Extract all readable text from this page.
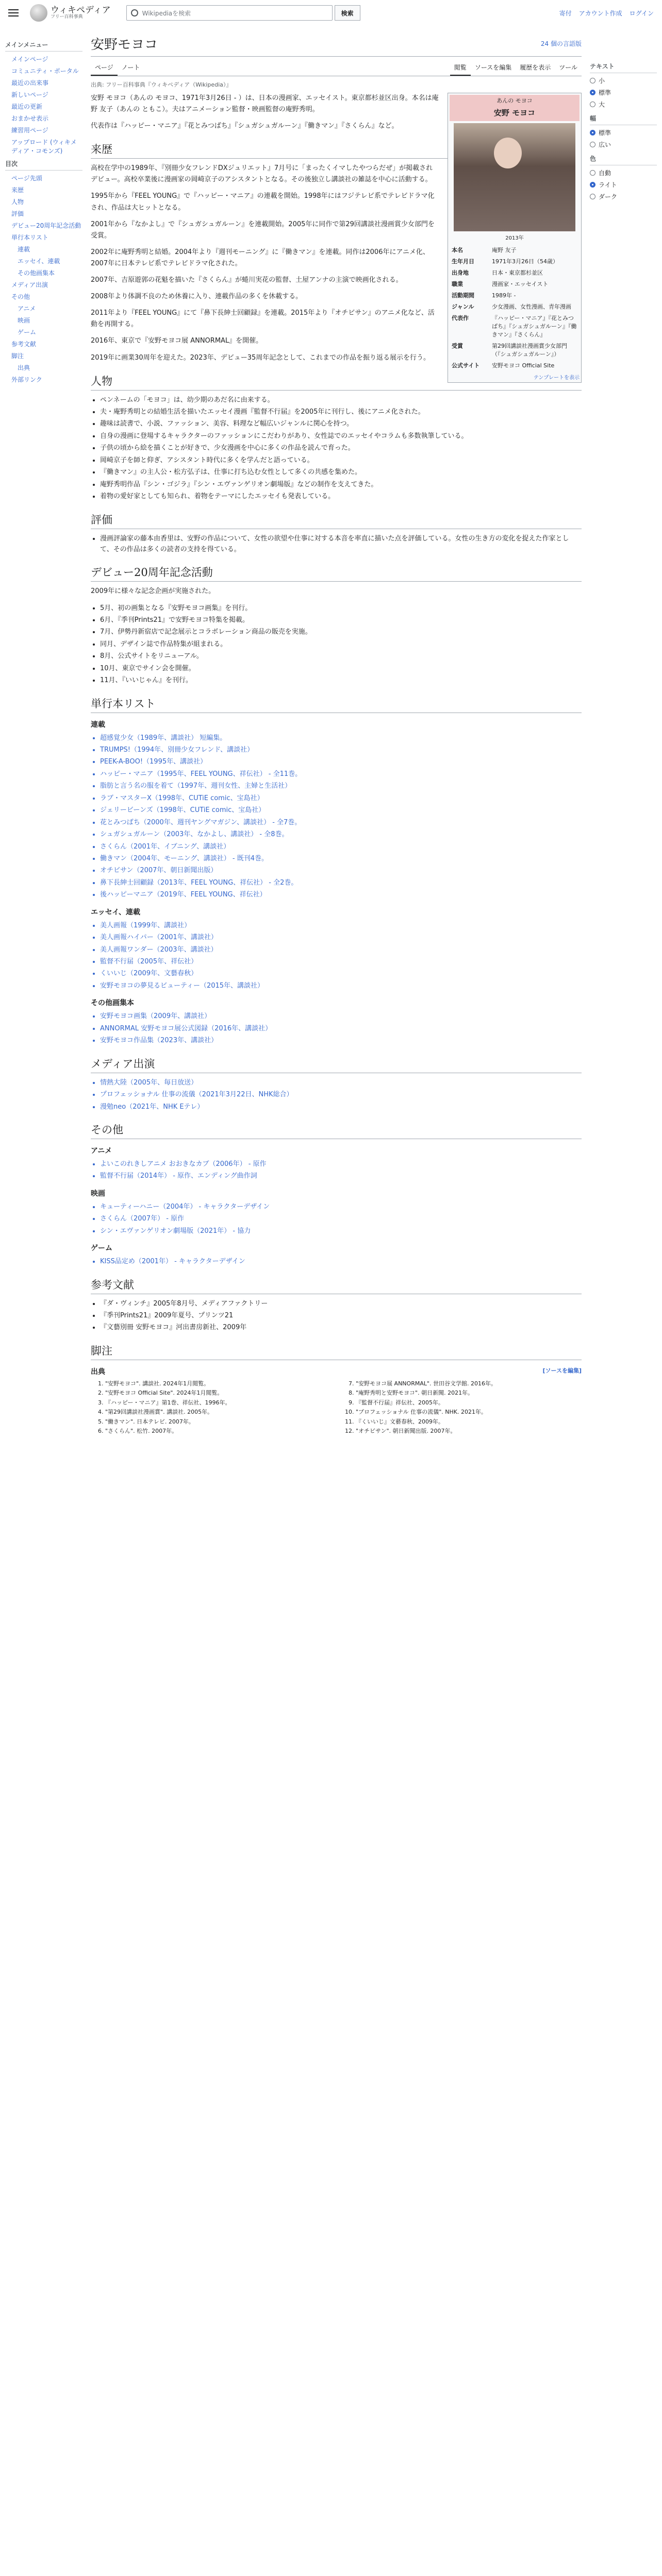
ウィキペディア
フリー百科事典
Wikipediaを検索	検索	寄付 アカウント作成 ログイン
メインメニュー
メインページ
コミュニティ・ポータル
最近の出来事
新しいページ
最近の更新
おまかせ表示
練習用ページ
アップロード (ウィキメディア・コモンズ)
目次
ページ先頭
来歴
人物
評価
デビュー20周年記念活動
単行本リスト
連載
エッセイ、連載
その他画集本
メディア出演
その他
アニメ
映画
ゲーム
参考文献
脚注
出典
外部リンク
安野モヨコ	24 個の言語版
ページ	ノート	閲覧	ソースを編集	履歴を表示	ツール
出典: フリー百科事典『ウィキペディア（Wikipedia）』
あんの モヨコ
安野 モヨコ
2013年
本名	庵野 友子
生年月日	1971年3月26日（54歳）
出身地	日本・東京都杉並区
職業	漫画家・エッセイスト
活動期間	1989年 -
ジャンル	少女漫画、女性漫画、青年漫画
代表作	『ハッピー・マニア』『花とみつばち』『シュガシュガルーン』『働きマン』『さくらん』
受賞	第29回講談社漫画賞少女部門（『シュガシュガルーン』）
公式サイト	安野モヨコ Official Site
テンプレートを表示

安野 モヨコ（あんの モヨコ、1971年3月26日 - ）は、日本の漫画家、エッセイスト。東京都杉並区出身。本名は庵野 友子（あんの ともこ）。夫はアニメーション監督・映画監督の庵野秀明。

代表作は『ハッピー・マニア』『花とみつばち』『シュガシュガルーン』『働きマン』『さくらん』など。

来歴

高校在学中の1989年、『別冊少女フレンドDXジュリエット』7月号に「まったくイマしたやつらだぜ」が掲載されデビュー。高校卒業後に漫画家の岡崎京子のアシスタントとなる。その後独立し講談社の雑誌を中心に活動する。

1995年から『FEEL YOUNG』で『ハッピー・マニア』の連載を開始。1998年にはフジテレビ系でテレビドラマ化され、作品は大ヒットとなる。

2001年から『なかよし』で『シュガシュガルーン』を連載開始。2005年に同作で第29回講談社漫画賞少女部門を受賞。

2002年に庵野秀明と結婚。2004年より『週刊モーニング』に『働きマン』を連載。同作は2006年にアニメ化、2007年に日本テレビ系でテレビドラマ化された。

2007年、吉原遊郭の花魁を描いた『さくらん』が蜷川実花の監督、土屋アンナの主演で映画化される。

2008年より体調不良のため休養に入り、連載作品の多くを休載する。

2011年より『FEEL YOUNG』にて『鼻下長紳士回顧録』を連載。2015年より『オチビサン』のアニメ化など、活動を再開する。

2016年、東京で『安野モヨコ展 ANNORMAL』を開催。

2019年に画業30周年を迎えた。2023年、デビュー35周年記念として、これまでの作品を振り返る展示を行う。

人物
• ペンネームの「モヨコ」は、幼少期のあだ名に由来する。
• 夫・庵野秀明との結婚生活を描いたエッセイ漫画『監督不行届』を2005年に刊行し、後にアニメ化された。
• 趣味は読書で、小説、ファッション、美容、料理など幅広いジャンルに関心を持つ。
• 自身の漫画に登場するキャラクターのファッションにこだわりがあり、女性誌でのエッセイやコラムも多数執筆している。
• 子供の頃から絵を描くことが好きで、少女漫画を中心に多くの作品を読んで育った。
• 岡崎京子を師と仰ぎ、アシスタント時代に多くを学んだと語っている。
• 『働きマン』の主人公・松方弘子は、仕事に打ち込む女性として多くの共感を集めた。
• 庵野秀明作品『シン・ゴジラ』『シン・エヴァンゲリオン劇場版』などの制作を支えてきた。
• 着物の愛好家としても知られ、着物をテーマにしたエッセイも発表している。
評価
• 漫画評論家の藤本由香里は、安野の作品について、女性の欲望や仕事に対する本音を率直に描いた点を評価している。女性の生き方の変化を捉えた作家として、その作品は多くの読者の支持を得ている。
デビュー20周年記念活動

2009年に様々な記念企画が実施された。

• 5月、初の画集となる『安野モヨコ画集』を刊行。
• 6月、『季刊Prints21』で安野モヨコ特集を掲載。
• 7月、伊勢丹新宿店で記念展示とコラボレーション商品の販売を実施。
• 同月、デザイン誌で作品特集が組まれる。
• 8月、公式サイトをリニューアル。
• 10月、東京でサイン会を開催。
• 11月、『いいじゃん』を刊行。
単行本リスト
連載
• 超感覚少女（1989年、講談社） 短編集。
• TRUMPS!（1994年、別冊少女フレンド、講談社）
• PEEK-A-BOO!（1995年、講談社）
• ハッピー・マニア（1995年、FEEL YOUNG、祥伝社） - 全11巻。
• 脂肪と言う名の服を着て（1997年、週刊女性、主婦と生活社）
• ラブ・マスターX（1998年、CUTiE comic、宝島社）
• ジェリービーンズ（1998年、CUTiE comic、宝島社）
• 花とみつばち（2000年、週刊ヤングマガジン、講談社） - 全7巻。
• シュガシュガルーン（2003年、なかよし、講談社） - 全8巻。
• さくらん（2001年、イブニング、講談社）
• 働きマン（2004年、モーニング、講談社） - 既刊4巻。
• オチビサン（2007年、朝日新聞出版）
• 鼻下長紳士回顧録（2013年、FEEL YOUNG、祥伝社） - 全2巻。
• 後ハッピーマニア（2019年、FEEL YOUNG、祥伝社）
エッセイ、連載
• 美人画報（1999年、講談社）
• 美人画報ハイパー（2001年、講談社）
• 美人画報ワンダー（2003年、講談社）
• 監督不行届（2005年、祥伝社）
• くいいじ（2009年、文藝春秋）
• 安野モヨコの夢見るビューティー（2015年、講談社）
その他画集本
• 安野モヨコ画集（2009年、講談社）
• ANNORMAL 安野モヨコ展公式図録（2016年、講談社）
• 安野モヨコ作品集（2023年、講談社）
メディア出演
• 情熱大陸（2005年、毎日放送）
• プロフェッショナル 仕事の流儀（2021年3月22日、NHK総合）
• 漫勉neo（2021年、NHK Eテレ）
その他
アニメ
• よいこのれきしアニメ おおきなカブ（2006年） - 原作
• 監督不行届（2014年） - 原作、エンディング曲作詞
映画
• キューティーハニー（2004年） - キャラクターデザイン
• さくらん（2007年） - 原作
• シン・エヴァンゲリオン劇場版（2021年） - 協力
ゲーム
• KISS品定め（2001年） - キャラクターデザイン
参考文献
• 『ダ・ヴィンチ』2005年8月号、メディアファクトリー
• 『季刊Prints21』2009年夏号、プリンツ21
• 『文藝別冊 安野モヨコ』河出書房新社、2009年
脚注
出典	[ソースを編集]
1. "安野モヨコ". 講談社. 2024年1月閲覧。
2. "安野モヨコ Official Site". 2024年1月閲覧。
3. 『ハッピー・マニア』第1巻、祥伝社、1996年。
4. "第29回講談社漫画賞". 講談社. 2005年。
5. "働きマン". 日本テレビ. 2007年。
6. "さくらん". 松竹. 2007年。
7. "安野モヨコ展 ANNORMAL". 世田谷文学館. 2016年。
8. "庵野秀明と安野モヨコ". 朝日新聞. 2021年。
9. 『監督不行届』祥伝社、2005年。
10. "プロフェッショナル 仕事の流儀". NHK. 2021年。
11. 『くいいじ』文藝春秋、2009年。
12. "オチビサン". 朝日新聞出版. 2007年。
テキスト
小
標準
大
幅
標準
広い
色
自動
ライト
ダーク
